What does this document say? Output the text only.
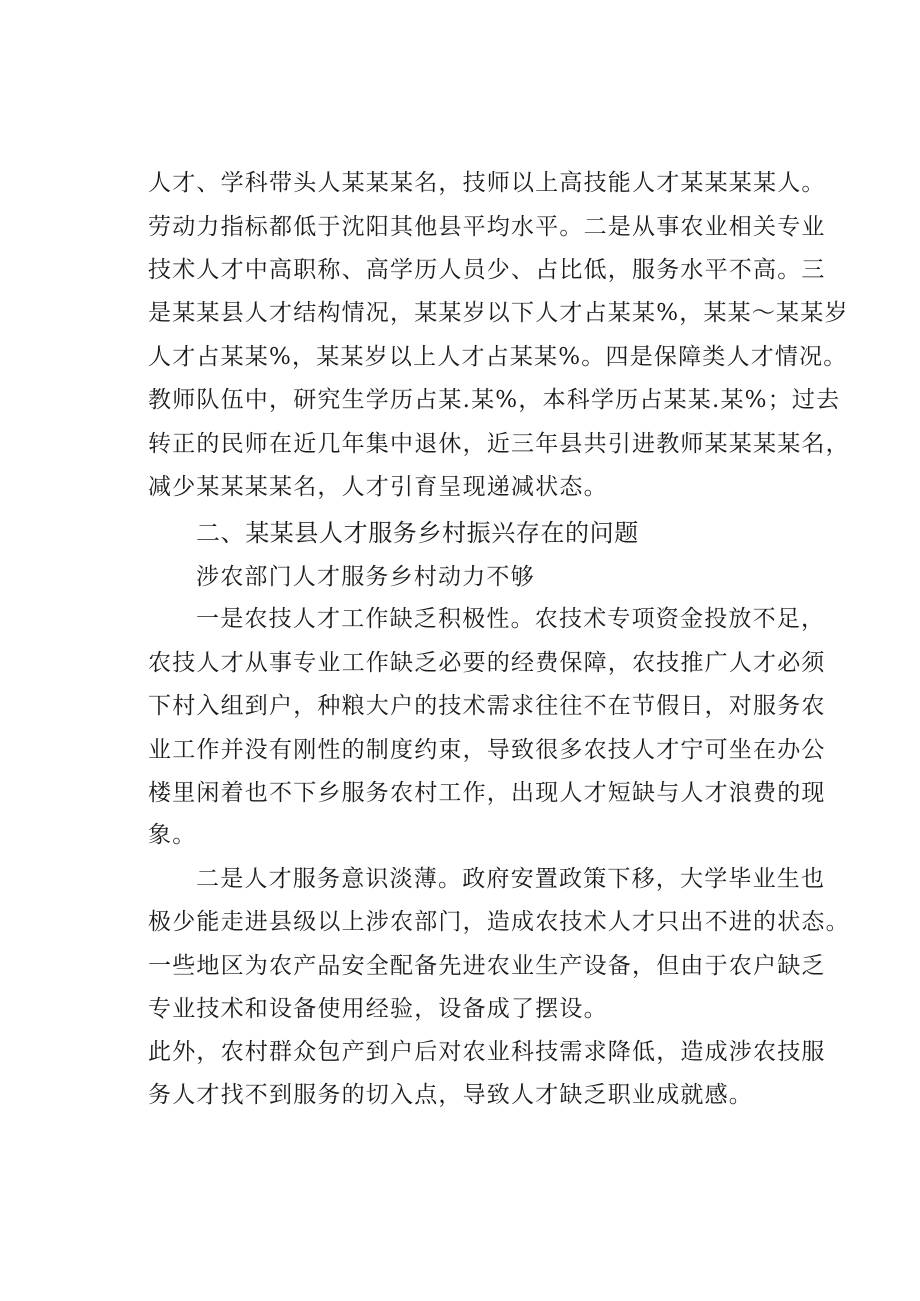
人才、学科带头人某某某名，技师以上高技能人才某某某某人。
劳动力指标都低于沈阳其他县平均水平。二是从事农业相关专业
技术人才中高职称、高学历人员少、占比低，服务水平不高。三
是某某县人才结构情况，某某岁以下人才占某某%，某某〜某某岁
人才占某某%，某某岁以上人才占某某%。四是保障类人才情况。
教师队伍中，研究生学历占某.某%，本科学历占某某.某%；过去
转正的民师在近几年集中退休，近三年县共引进教师某某某某名，
减少某某某某名，人才引育呈现递减状态。
二、某某县人才服务乡村振兴存在的问题
涉农部门人才服务乡村动力不够
一是农技人才工作缺乏积极性。农技术专项资金投放不足，
农技人才从事专业工作缺乏必要的经费保障，农技推广人才必须
下村入组到户，种粮大户的技术需求往往不在节假日，对服务农
业工作并没有刚性的制度约束，导致很多农技人才宁可坐在办公
楼里闲着也不下乡服务农村工作，出现人才短缺与人才浪费的现
象。
二是人才服务意识淡薄。政府安置政策下移，大学毕业生也
极少能走进县级以上涉农部门，造成农技术人才只出不进的状态。
一些地区为农产品安全配备先进农业生产设备，但由于农户缺乏
专业技术和设备使用经验，设备成了摆设。
此外，农村群众包产到户后对农业科技需求降低，造成涉农技服
务人才找不到服务的切入点，导致人才缺乏职业成就感。
